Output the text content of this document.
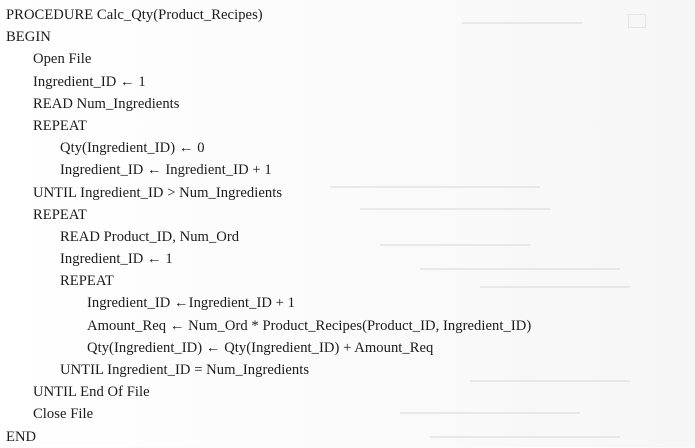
PROCEDURE Calc_Qty(Product_Recipes)
BEGIN
Open File
Ingredient_ID ← 1
READ Num_Ingredients
REPEAT
Qty(Ingredient_ID) ← 0
Ingredient_ID ← Ingredient_ID + 1
UNTIL Ingredient_ID > Num_Ingredients
REPEAT
READ Product_ID, Num_Ord
Ingredient_ID ← 1
REPEAT
Ingredient_ID ←Ingredient_ID + 1
Amount_Req ← Num_Ord * Product_Recipes(Product_ID, Ingredient_ID)
Qty(Ingredient_ID) ← Qty(Ingredient_ID) + Amount_Req
UNTIL Ingredient_ID = Num_Ingredients
UNTIL End Of File
Close File
END
